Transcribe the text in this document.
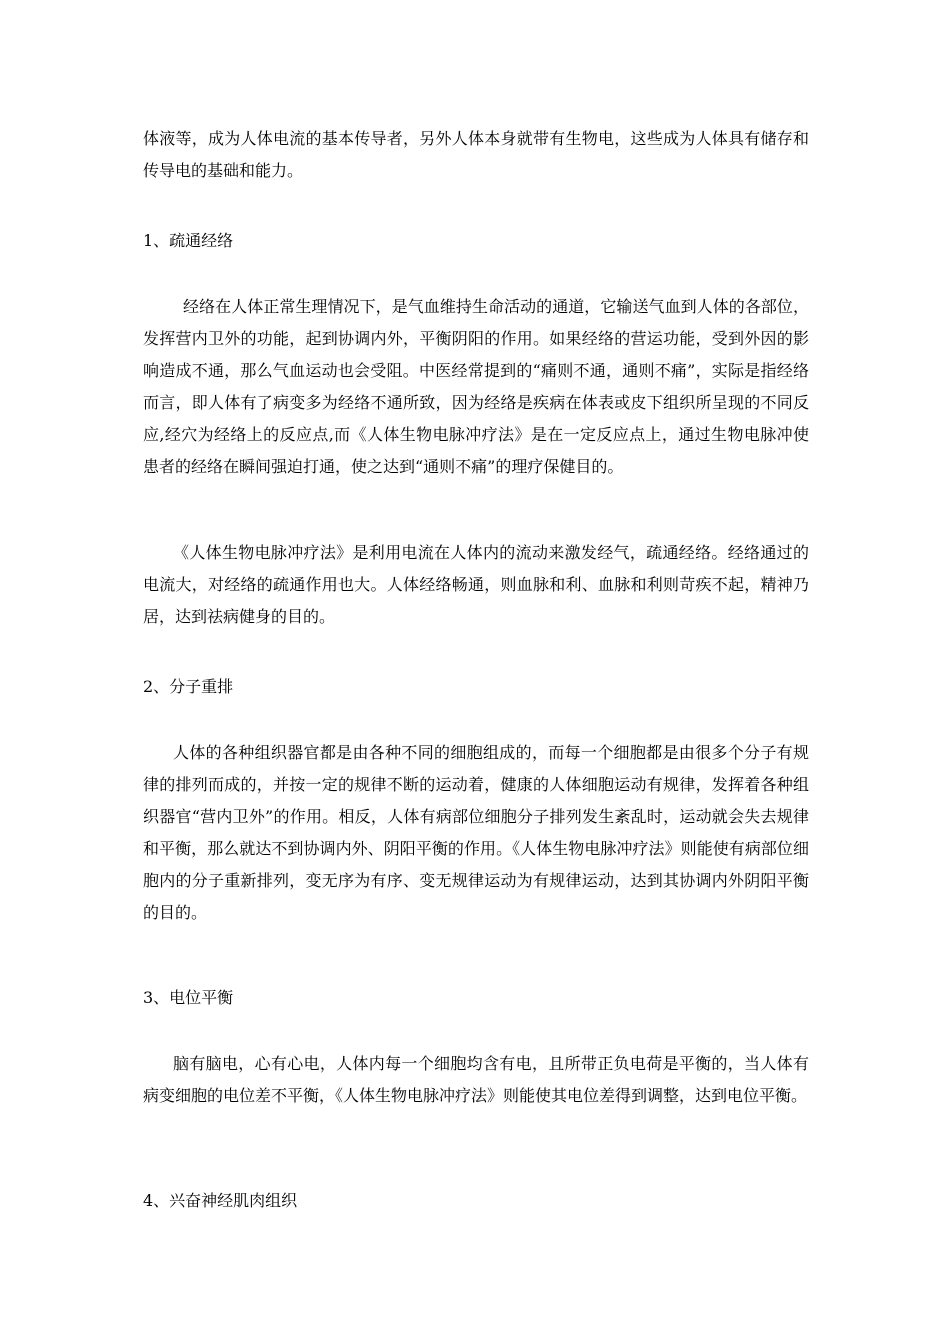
体液等，成为人体电流的基本传导者，另外人体本身就带有生物电，这些成为人体具有储存和传导电的基础和能力。

1、疏通经络

经络在人体正常生理情况下，是气血维持生命活动的通道，它输送气血到人体的各部位，发挥营内卫外的功能，起到协调内外，平衡阴阳的作用。如果经络的营运功能，受到外因的影响造成不通，那么气血运动也会受阻。中医经常提到的“痛则不通，通则不痛”，实际是指经络而言，即人体有了病变多为经络不通所致，因为经络是疾病在体表或皮下组织所呈现的不同反应,经穴为经络上的反应点,而《人体生物电脉冲疗法》是在一定反应点上，通过生物电脉冲使患者的经络在瞬间强迫打通，使之达到“通则不痛”的理疗保健目的。

《人体生物电脉冲疗法》是利用电流在人体内的流动来激发经气，疏通经络。经络通过的电流大，对经络的疏通作用也大。人体经络畅通，则血脉和利、血脉和利则苛疾不起，精神乃居，达到祛病健身的目的。

2、分子重排

人体的各种组织器官都是由各种不同的细胞组成的，而每一个细胞都是由很多个分子有规律的排列而成的，并按一定的规律不断的运动着，健康的人体细胞运动有规律，发挥着各种组织器官“营内卫外”的作用。相反，人体有病部位细胞分子排列发生紊乱时，运动就会失去规律和平衡，那么就达不到协调内外、阴阳平衡的作用。《人体生物电脉冲疗法》则能使有病部位细胞内的分子重新排列，变无序为有序、变无规律运动为有规律运动，达到其协调内外阴阳平衡的目的。

3、电位平衡

脑有脑电，心有心电，人体内每一个细胞均含有电，且所带正负电荷是平衡的，当人体有病变细胞的电位差不平衡，《人体生物电脉冲疗法》则能使其电位差得到调整，达到电位平衡。

4、兴奋神经肌肉组织
